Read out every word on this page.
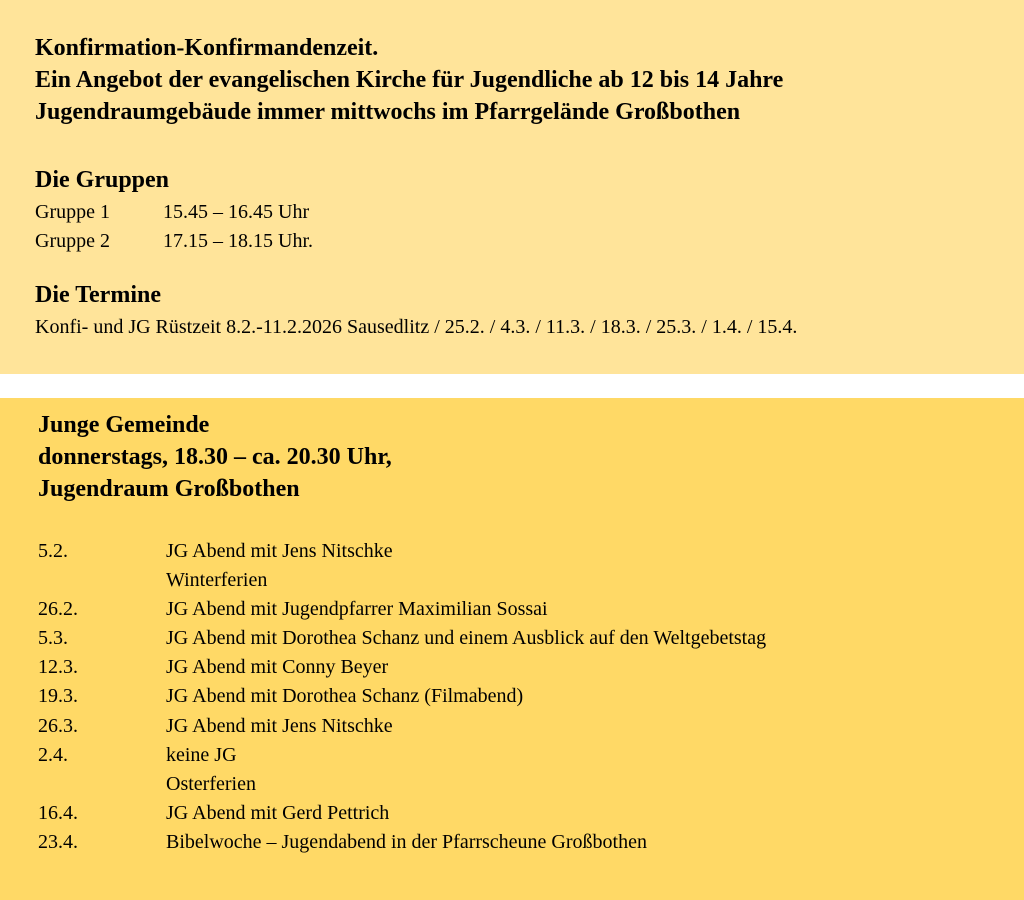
Konfirmation-Konfirmandenzeit.
Ein Angebot der evangelischen Kirche für Jugendliche ab 12 bis 14 Jahre
Jugendraumgebäude immer mittwochs im Pfarrgelände Großbothen
Die Gruppen
Gruppe 1	15.45 – 16.45 Uhr
Gruppe 2	17.15 – 18.15 Uhr.
Die Termine
Konfi- und JG Rüstzeit 8.2.-11.2.2026 Sausedlitz / 25.2. / 4.3. / 11.3. / 18.3. / 25.3. / 1.4. / 15.4.
Junge Gemeinde
donnerstags, 18.30 – ca. 20.30 Uhr,
Jugendraum Großbothen
5.2.	JG Abend mit Jens Nitschke
Winterferien
26.2.	JG Abend mit Jugendpfarrer Maximilian Sossai
5.3.	JG Abend mit Dorothea Schanz und einem Ausblick auf den Weltgebetstag
12.3.	JG Abend mit Conny Beyer
19.3.	JG Abend mit Dorothea Schanz (Filmabend)
26.3.	JG Abend mit Jens Nitschke
2.4.	keine JG
Osterferien
16.4.	JG Abend mit Gerd Pettrich
23.4.	Bibelwoche – Jugendabend in der Pfarrscheune Großbothen
